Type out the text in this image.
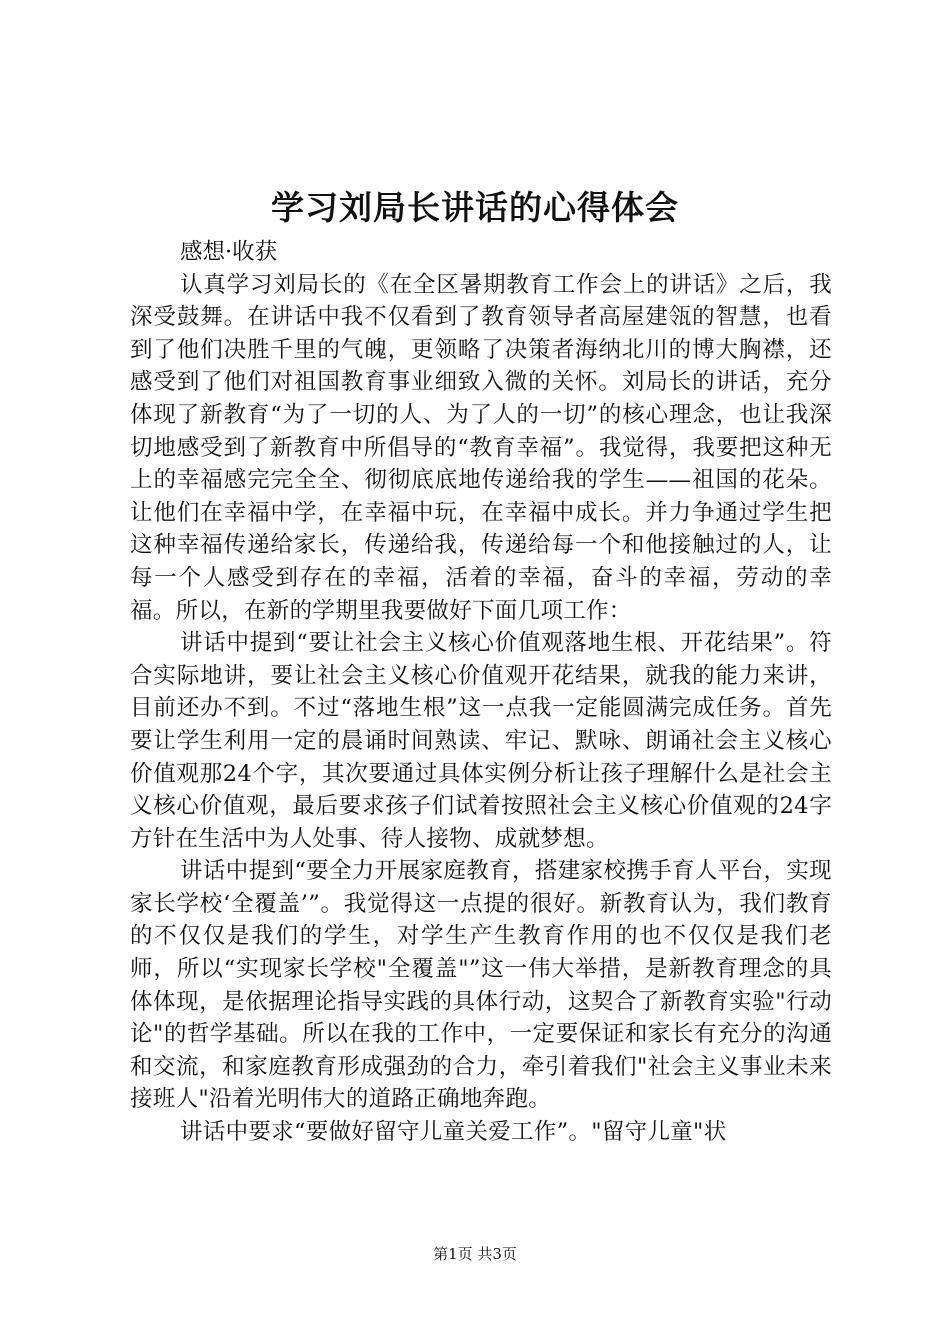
学习刘局长讲话的心得体会

感想·收获

认真学习刘局长的《在全区暑期教育工作会上的讲话》之后，我深受鼓舞。在讲话中我不仅看到了教育领导者高屋建瓴的智慧，也看到了他们决胜千里的气魄，更领略了决策者海纳北川的博大胸襟，还感受到了他们对祖国教育事业细致入微的关怀。刘局长的讲话，充分体现了新教育“为了一切的人、为了人的一切”的核心理念，也让我深切地感受到了新教育中所倡导的“教育幸福”。我觉得，我要把这种无上的幸福感完完全全、彻彻底底地传递给我的学生——祖国的花朵。让他们在幸福中学，在幸福中玩，在幸福中成长。并力争通过学生把这种幸福传递给家长，传递给我，传递给每一个和他接触过的人，让每一个人感受到存在的幸福，活着的幸福，奋斗的幸福，劳动的幸福。所以，在新的学期里我要做好下面几项工作：

讲话中提到“要让社会主义核心价值观落地生根、开花结果”。符合实际地讲，要让社会主义核心价值观开花结果，就我的能力来讲，目前还办不到。不过“落地生根”这一点我一定能圆满完成任务。首先要让学生利用一定的晨诵时间熟读、牢记、默咏、朗诵社会主义核心价值观那24个字，其次要通过具体实例分析让孩子理解什么是社会主义核心价值观，最后要求孩子们试着按照社会主义核心价值观的24字方针在生活中为人处事、待人接物、成就梦想。

讲话中提到“要全力开展家庭教育，搭建家校携手育人平台，实现家长学校‘全覆盖’”。我觉得这一点提的很好。新教育认为，我们教育的不仅仅是我们的学生，对学生产生教育作用的也不仅仅是我们老师，所以“实现家长学校"全覆盖"”这一伟大举措，是新教育理念的具体体现，是依据理论指导实践的具体行动，这契合了新教育实验"行动论"的哲学基础。所以在我的工作中，一定要保证和家长有充分的沟通和交流，和家庭教育形成强劲的合力，牵引着我们"社会主义事业未来接班人"沿着光明伟大的道路正确地奔跑。

讲话中要求“要做好留守儿童关爱工作”。"留守儿童"状

第1页 共3页
